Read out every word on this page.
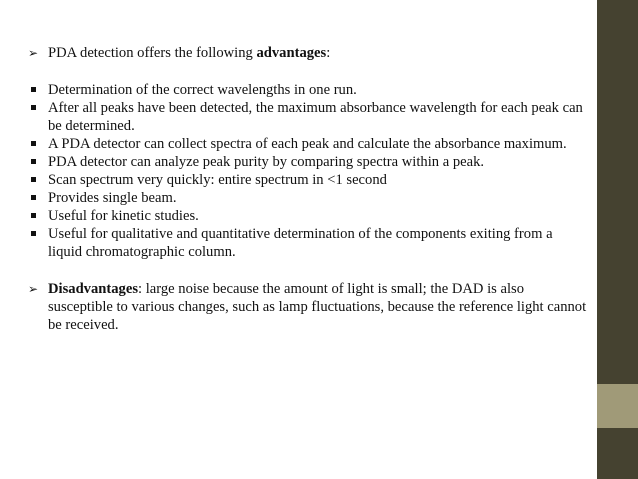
➢ PDA detection offers the following advantages:
Determination of the correct wavelengths in one run.
After all peaks have been detected, the maximum absorbance wavelength for each peak can be determined.
A PDA detector can collect spectra of each peak and calculate the absorbance maximum.
PDA detector can analyze peak purity by comparing spectra within a peak.
Scan spectrum very quickly: entire spectrum in <1 second
Provides single beam.
Useful for kinetic studies.
Useful for qualitative and quantitative determination of the components exiting from a liquid chromatographic column.
➢ Disadvantages: large noise because the amount of light is small; the DAD is also susceptible to various changes, such as lamp fluctuations, because the reference light cannot be received.
